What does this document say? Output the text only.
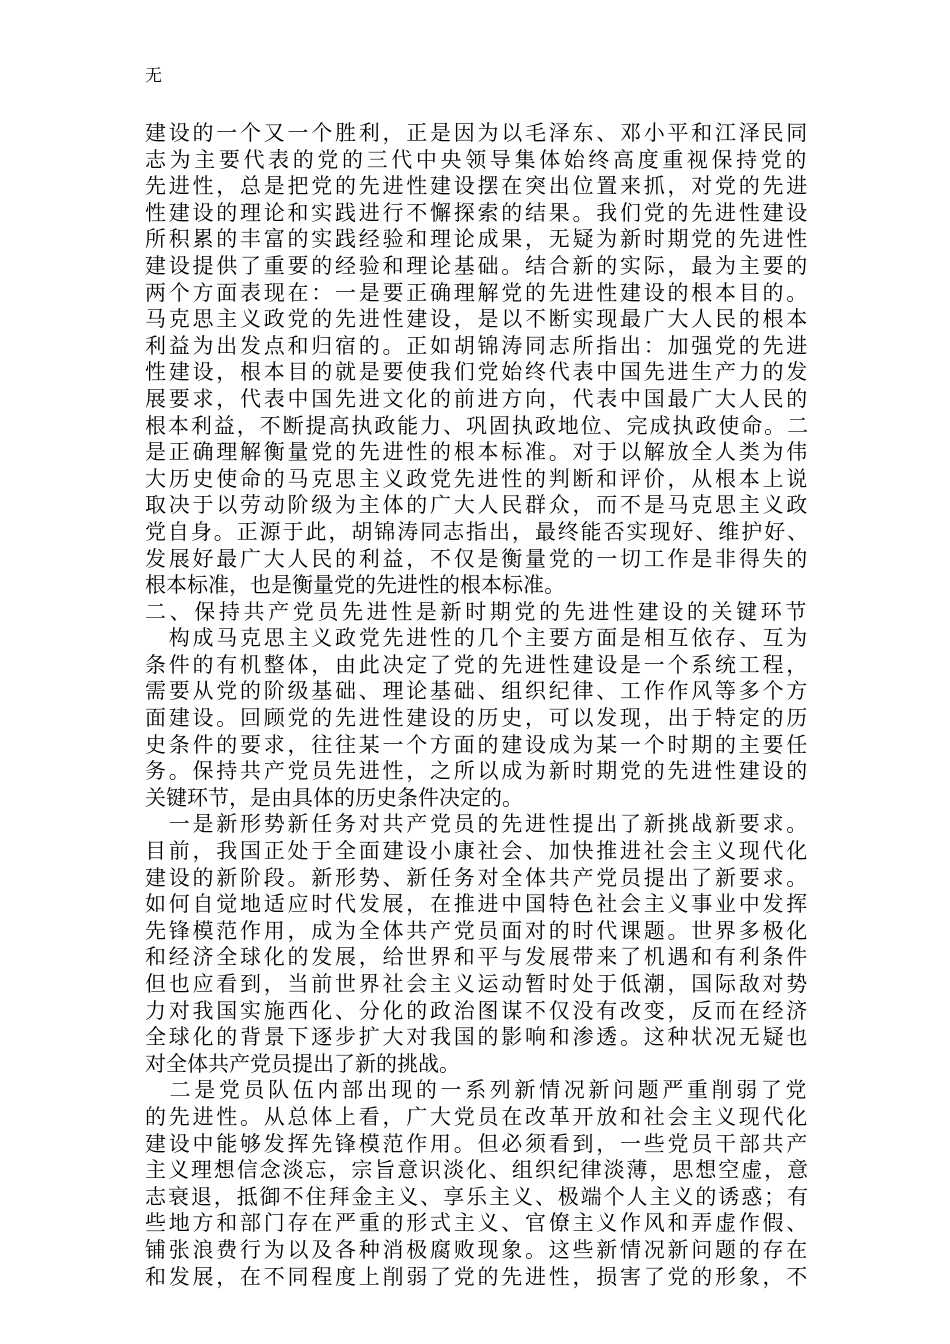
无
建设的一个又一个胜利，正是因为以毛泽东、邓小平和江泽民同
志为主要代表的党的三代中央领导集体始终高度重视保持党的
先进性，总是把党的先进性建设摆在突出位置来抓，对党的先进
性建设的理论和实践进行不懈探索的结果。我们党的先进性建设
所积累的丰富的实践经验和理论成果，无疑为新时期党的先进性
建设提供了重要的经验和理论基础。结合新的实际，最为主要的
两个方面表现在：一是要正确理解党的先进性建设的根本目的。
马克思主义政党的先进性建设，是以不断实现最广大人民的根本
利益为出发点和归宿的。正如胡锦涛同志所指出：加强党的先进
性建设，根本目的就是要使我们党始终代表中国先进生产力的发
展要求，代表中国先进文化的前进方向，代表中国最广大人民的
根本利益，不断提高执政能力、巩固执政地位、完成执政使命。二
是正确理解衡量党的先进性的根本标准。对于以解放全人类为伟
大历史使命的马克思主义政党先进性的判断和评价，从根本上说
取决于以劳动阶级为主体的广大人民群众，而不是马克思主义政
党自身。正源于此，胡锦涛同志指出，最终能否实现好、维护好、
发展好最广大人民的利益，不仅是衡量党的一切工作是非得失的
根本标准，也是衡量党的先进性的根本标准。
二、保持共产党员先进性是新时期党的先进性建设的关键环节
　构成马克思主义政党先进性的几个主要方面是相互依存、互为
条件的有机整体，由此决定了党的先进性建设是一个系统工程，
需要从党的阶级基础、理论基础、组织纪律、工作作风等多个方
面建设。回顾党的先进性建设的历史，可以发现，出于特定的历
史条件的要求，往往某一个方面的建设成为某一个时期的主要任
务。保持共产党员先进性，之所以成为新时期党的先进性建设的
关键环节，是由具体的历史条件决定的。
　一是新形势新任务对共产党员的先进性提出了新挑战新要求。
目前，我国正处于全面建设小康社会、加快推进社会主义现代化
建设的新阶段。新形势、新任务对全体共产党员提出了新要求。
如何自觉地适应时代发展，在推进中国特色社会主义事业中发挥
先锋模范作用，成为全体共产党员面对的时代课题。世界多极化
和经济全球化的发展，给世界和平与发展带来了机遇和有利条件
但也应看到，当前世界社会主义运动暂时处于低潮，国际敌对势
力对我国实施西化、分化的政治图谋不仅没有改变，反而在经济
全球化的背景下逐步扩大对我国的影响和渗透。这种状况无疑也
对全体共产党员提出了新的挑战。
　二是党员队伍内部出现的一系列新情况新问题严重削弱了党
的先进性。从总体上看，广大党员在改革开放和社会主义现代化
建设中能够发挥先锋模范作用。但必须看到，一些党员干部共产
主义理想信念淡忘，宗旨意识淡化、组织纪律淡薄，思想空虚，意
志衰退，抵御不住拜金主义、享乐主义、极端个人主义的诱惑；有
些地方和部门存在严重的形式主义、官僚主义作风和弄虚作假、
铺张浪费行为以及各种消极腐败现象。这些新情况新问题的存在
和发展，在不同程度上削弱了党的先进性，损害了党的形象，不
